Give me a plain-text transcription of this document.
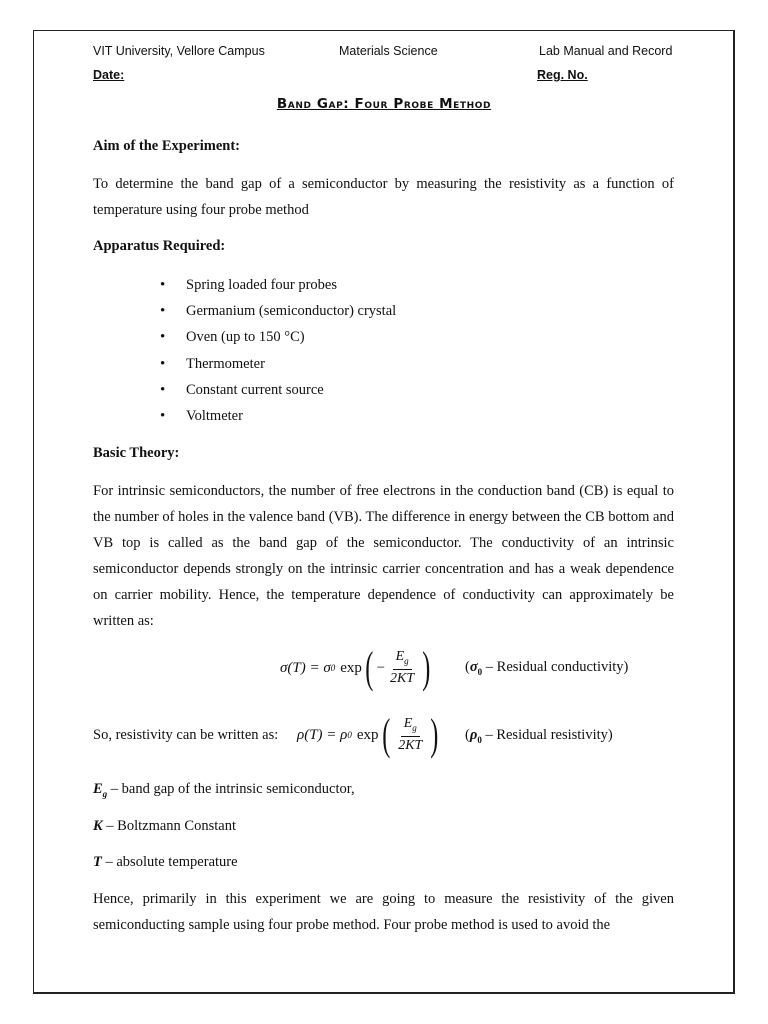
VIT University, Vellore Campus	Materials Science	Lab Manual and Record
Date:	Reg. No.
Band Gap: Four Probe Method
Aim of the Experiment:

To determine the band gap of a semiconductor by measuring the resistivity as a function of temperature using four probe method

Apparatus Required:
• Spring loaded four probes
• Germanium (semiconductor) crystal
• Oven (up to 150 °C)
• Thermometer
• Constant current source
• Voltmeter
Basic Theory:

For intrinsic semiconductors, the number of free electrons in the conduction band (CB) is equal to the number of holes in the valence band (VB). The difference in energy between the CB bottom and VB top is called as the band gap of the semiconductor. The conductivity of an intrinsic semiconductor depends strongly on the intrinsic carrier concentration and has a weak dependence on carrier mobility. Hence, the temperature dependence of conductivity can approximately be written as:

σ(T) = σ 0 exp ( − $\frac{E_g}{2KT}$ ) ($\sigma_0$ – Residual conductivity)
So, resistivity can be written as: ρ(T) = ρ 0 exp ( $\frac{E_g}{2KT}$ ) ($\rho_0$ – Residual resistivity)
$E_g$ – band gap of the intrinsic semiconductor,
K – Boltzmann Constant
T – absolute temperature

Hence, primarily in this experiment we are going to measure the resistivity of the given semiconducting sample using four probe method. Four probe method is used to avoid the
